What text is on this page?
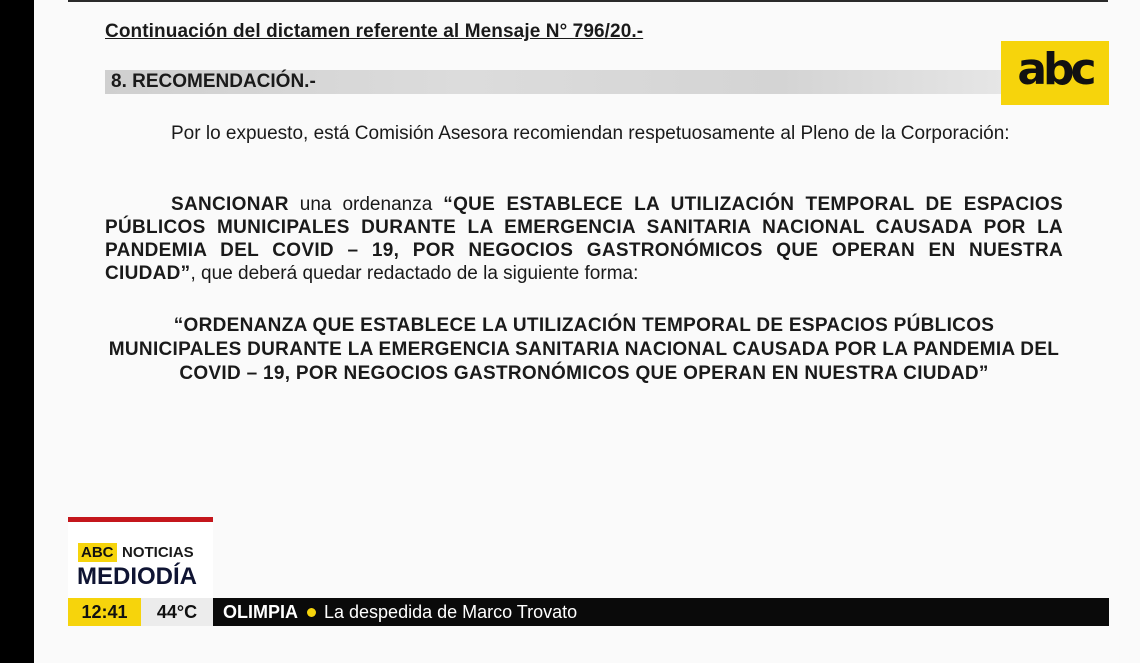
Continuación del dictamen referente al Mensaje N° 796/20.-
8. RECOMENDACIÓN.-	abc
Por lo expuesto, está Comisión Asesora recomiendan respetuosamente al Pleno de la Corporación:
SANCIONAR una ordenanza “QUE ESTABLECE LA UTILIZACIÓN TEMPORAL DE ESPACIOS PÚBLICOS MUNICIPALES DURANTE LA EMERGENCIA SANITARIA NACIONAL CAUSADA POR LA PANDEMIA DEL COVID – 19, POR NEGOCIOS GASTRONÓMICOS QUE OPERAN EN NUESTRA CIUDAD”, que deberá quedar redactado de la siguiente forma:
“ORDENANZA QUE ESTABLECE LA UTILIZACIÓN TEMPORAL DE ESPACIOS PÚBLICOS MUNICIPALES DURANTE LA EMERGENCIA SANITARIA NACIONAL CAUSADA POR LA PANDEMIA DEL COVID – 19, POR NEGOCIOS GASTRONÓMICOS QUE OPERAN EN NUESTRA CIUDAD”
ABC NOTICIAS
MEDIODÍA
12:41	44°C	OLIMPIA La despedida de Marco Trovato
